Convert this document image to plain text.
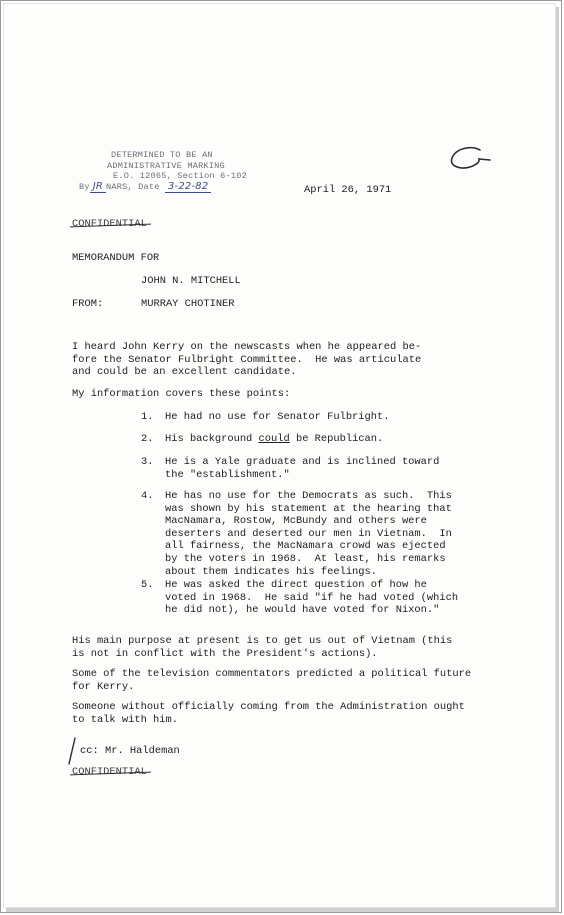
DETERMINED TO BE AN
ADMINISTRATIVE MARKING
E.O. 12065, Section 6-102
By JR NARS, Date 3-22-82	April 26, 1971
CONFIDENTIAL
MEMORANDUM FOR
JOHN N. MITCHELL
FROM:	MURRAY CHOTINER
I heard John Kerry on the newscasts when he appeared be-
fore the Senator Fulbright Committee.  He was articulate
and could be an excellent candidate.
My information covers these points:
1. He had no use for Senator Fulbright.
2. His background could be Republican.
3. He is a Yale graduate and is inclined toward
the "establishment."
4. He has no use for the Democrats as such.  This
was shown by his statement at the hearing that
MacNamara, Rostow, McBundy and others were
deserters and deserted our men in Vietnam.  In
all fairness, the MacNamara crowd was ejected
by the voters in 1968.  At least, his remarks
about them indicates his feelings.
5. He was asked the direct question of how he
voted in 1968.  He said "if he had voted (which
he did not), he would have voted for Nixon."
His main purpose at present is to get us out of Vietnam (this
is not in conflict with the President's actions).
Some of the television commentators predicted a political future
for Kerry.
Someone without officially coming from the Administration ought
to talk with him.
cc: Mr. Haldeman
CONFIDENTIAL
